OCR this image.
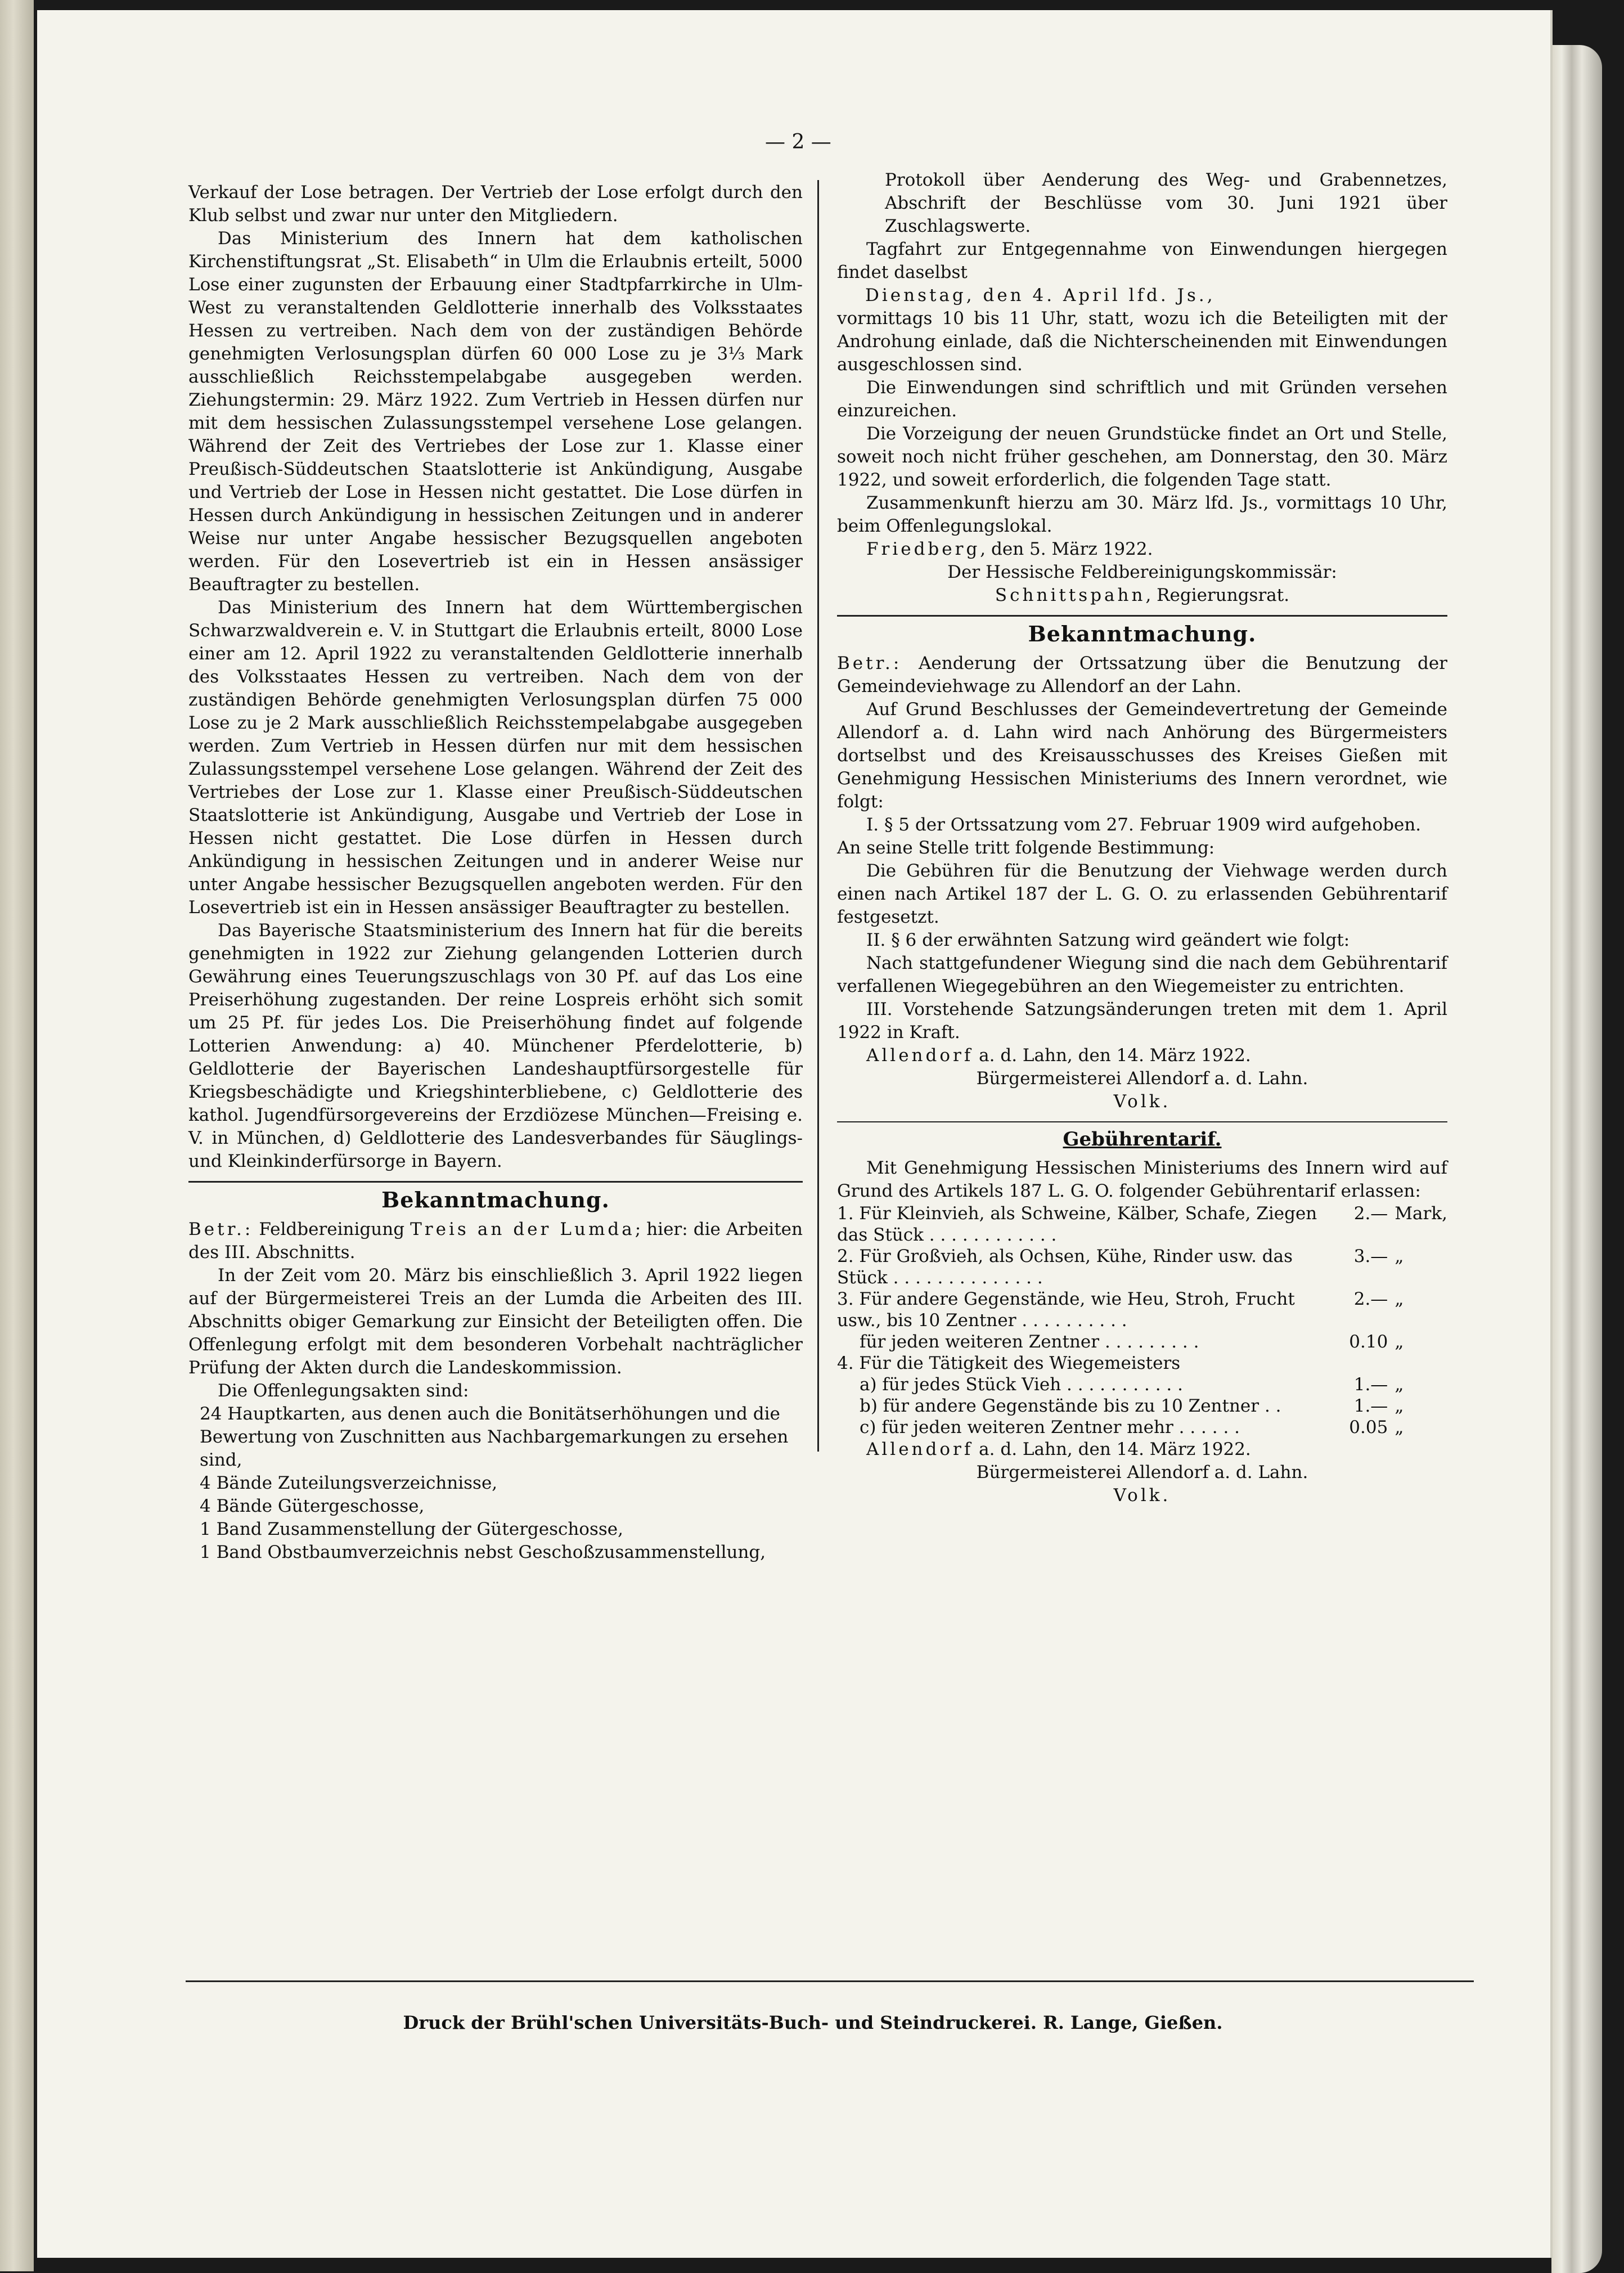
— 2 —

Verkauf der Lose betragen. Der Vertrieb der Lose erfolgt durch den Klub selbst und zwar nur unter den Mitgliedern.

Das Ministerium des Innern hat dem katholischen Kirchenstiftungsrat „St. Elisabeth“ in Ulm die Erlaubnis erteilt, 5000 Lose einer zugunsten der Erbauung einer Stadtpfarrkirche in Ulm-West zu veranstaltenden Geldlotterie innerhalb des Volksstaates Hessen zu vertreiben. Nach dem von der zuständigen Behörde genehmigten Verlosungsplan dürfen 60 000 Lose zu je 3⅓ Mark ausschließlich Reichsstempelabgabe ausgegeben werden. Ziehungstermin: 29. März 1922. Zum Vertrieb in Hessen dürfen nur mit dem hessischen Zulassungsstempel versehene Lose gelangen. Während der Zeit des Vertriebes der Lose zur 1. Klasse einer Preußisch-Süddeutschen Staatslotterie ist Ankündigung, Ausgabe und Vertrieb der Lose in Hessen nicht gestattet. Die Lose dürfen in Hessen durch Ankündigung in hessischen Zeitungen und in anderer Weise nur unter Angabe hessischer Bezugsquellen angeboten werden. Für den Losevertrieb ist ein in Hessen ansässiger Beauftragter zu bestellen.

Das Ministerium des Innern hat dem Württembergischen Schwarzwaldverein e. V. in Stuttgart die Erlaubnis erteilt, 8000 Lose einer am 12. April 1922 zu veranstaltenden Geldlotterie innerhalb des Volksstaates Hessen zu vertreiben. Nach dem von der zuständigen Behörde genehmigten Verlosungsplan dürfen 75 000 Lose zu je 2 Mark ausschließlich Reichsstempelabgabe ausgegeben werden. Zum Vertrieb in Hessen dürfen nur mit dem hessischen Zulassungsstempel versehene Lose gelangen. Während der Zeit des Vertriebes der Lose zur 1. Klasse einer Preußisch-Süddeutschen Staatslotterie ist Ankündigung, Ausgabe und Vertrieb der Lose in Hessen nicht gestattet. Die Lose dürfen in Hessen durch Ankündigung in hessischen Zeitungen und in anderer Weise nur unter Angabe hessischer Bezugsquellen angeboten werden. Für den Losevertrieb ist ein in Hessen ansässiger Beauftragter zu bestellen.

Das Bayerische Staatsministerium des Innern hat für die bereits genehmigten in 1922 zur Ziehung gelangenden Lotterien durch Gewährung eines Teuerungszuschlags von 30 Pf. auf das Los eine Preiserhöhung zugestanden. Der reine Lospreis erhöht sich somit um 25 Pf. für jedes Los. Die Preiserhöhung findet auf folgende Lotterien Anwendung: a) 40. Münchener Pferdelotterie, b) Geldlotterie der Bayerischen Landeshauptfürsorgestelle für Kriegsbeschädigte und Kriegshinterbliebene, c) Geldlotterie des kathol. Jugendfürsorgevereins der Erzdiözese München—Freising e. V. in München, d) Geldlotterie des Landesverbandes für Säuglings- und Kleinkinderfürsorge in Bayern.

Bekanntmachung.

Betr.: Feldbereinigung Treis an der Lumda; hier: die Arbeiten des III. Abschnitts.

In der Zeit vom 20. März bis einschließlich 3. April 1922 liegen auf der Bürgermeisterei Treis an der Lumda die Arbeiten des III. Abschnitts obiger Gemarkung zur Einsicht der Beteiligten offen. Die Offenlegung erfolgt mit dem besonderen Vorbehalt nachträglicher Prüfung der Akten durch die Landeskommission.

Die Offenlegungsakten sind:

24 Hauptkarten, aus denen auch die Bonitätserhöhungen und die Bewertung von Zuschnitten aus Nachbargemarkungen zu ersehen sind,
4 Bände Zuteilungsverzeichnisse,
4 Bände Gütergeschosse,
1 Band Zusammenstellung der Gütergeschosse,
1 Band Obstbaumverzeichnis nebst Geschoßzusammenstellung,

Protokoll über Aenderung des Weg- und Grabennetzes, Abschrift der Beschlüsse vom 30. Juni 1921 über Zuschlagswerte.

Tagfahrt zur Entgegennahme von Einwendungen hiergegen findet daselbst

Dienstag, den 4. April lfd. Js.,

vormittags 10 bis 11 Uhr, statt, wozu ich die Beteiligten mit der Androhung einlade, daß die Nichterscheinenden mit Einwendungen ausgeschlossen sind.

Die Einwendungen sind schriftlich und mit Gründen versehen einzureichen.

Die Vorzeigung der neuen Grundstücke findet an Ort und Stelle, soweit noch nicht früher geschehen, am Donnerstag, den 30. März 1922, und soweit erforderlich, die folgenden Tage statt.

Zusammenkunft hierzu am 30. März lfd. Js., vormittags 10 Uhr, beim Offenlegungslokal.

Friedberg, den 5. März 1922.

Der Hessische Feldbereinigungskommissär:

Schnittspahn, Regierungsrat.

Bekanntmachung.

Betr.: Aenderung der Ortssatzung über die Benutzung der Gemeindeviehwage zu Allendorf an der Lahn.

Auf Grund Beschlusses der Gemeindevertretung der Gemeinde Allendorf a. d. Lahn wird nach Anhörung des Bürgermeisters dortselbst und des Kreisausschusses des Kreises Gießen mit Genehmigung Hessischen Ministeriums des Innern verordnet, wie folgt:

I. § 5 der Ortssatzung vom 27. Februar 1909 wird aufgehoben.

An seine Stelle tritt folgende Bestimmung:

Die Gebühren für die Benutzung der Viehwage werden durch einen nach Artikel 187 der L. G. O. zu erlassenden Gebührentarif festgesetzt.

II. § 6 der erwähnten Satzung wird geändert wie folgt:

Nach stattgefundener Wiegung sind die nach dem Gebührentarif verfallenen Wiegegebühren an den Wiegemeister zu entrichten.

III. Vorstehende Satzungsänderungen treten mit dem 1. April 1922 in Kraft.

Allendorf a. d. Lahn, den 14. März 1922.

Bürgermeisterei Allendorf a. d. Lahn.

Volk.

Gebührentarif.

Mit Genehmigung Hessischen Ministeriums des Innern wird auf Grund des Artikels 187 L. G. O. folgender Gebührentarif erlassen:

1. Für Kleinvieh, als Schweine, Kälber, Schafe, Ziegen das Stück . . . . . . . . . . . .	2.—	Mark,
2. Für Großvieh, als Ochsen, Kühe, Rinder usw. das Stück . . . . . . . . . . . . . .	3.—	„
3. Für andere Gegenstände, wie Heu, Stroh, Frucht usw., bis 10 Zentner . . . . . . . . . .	2.—	„
für jeden weiteren Zentner . . . . . . . . .	0.10	„
4. Für die Tätigkeit des Wiegemeisters		
a) für jedes Stück Vieh . . . . . . . . . . .	1.—	„
b) für andere Gegenstände bis zu 10 Zentner . .	1.—	„
c) für jeden weiteren Zentner mehr . . . . . .	0.05	„

Allendorf a. d. Lahn, den 14. März 1922.

Bürgermeisterei Allendorf a. d. Lahn.

Volk.

Druck der Brühl'schen Universitäts-Buch- und Steindruckerei. R. Lange, Gießen.
